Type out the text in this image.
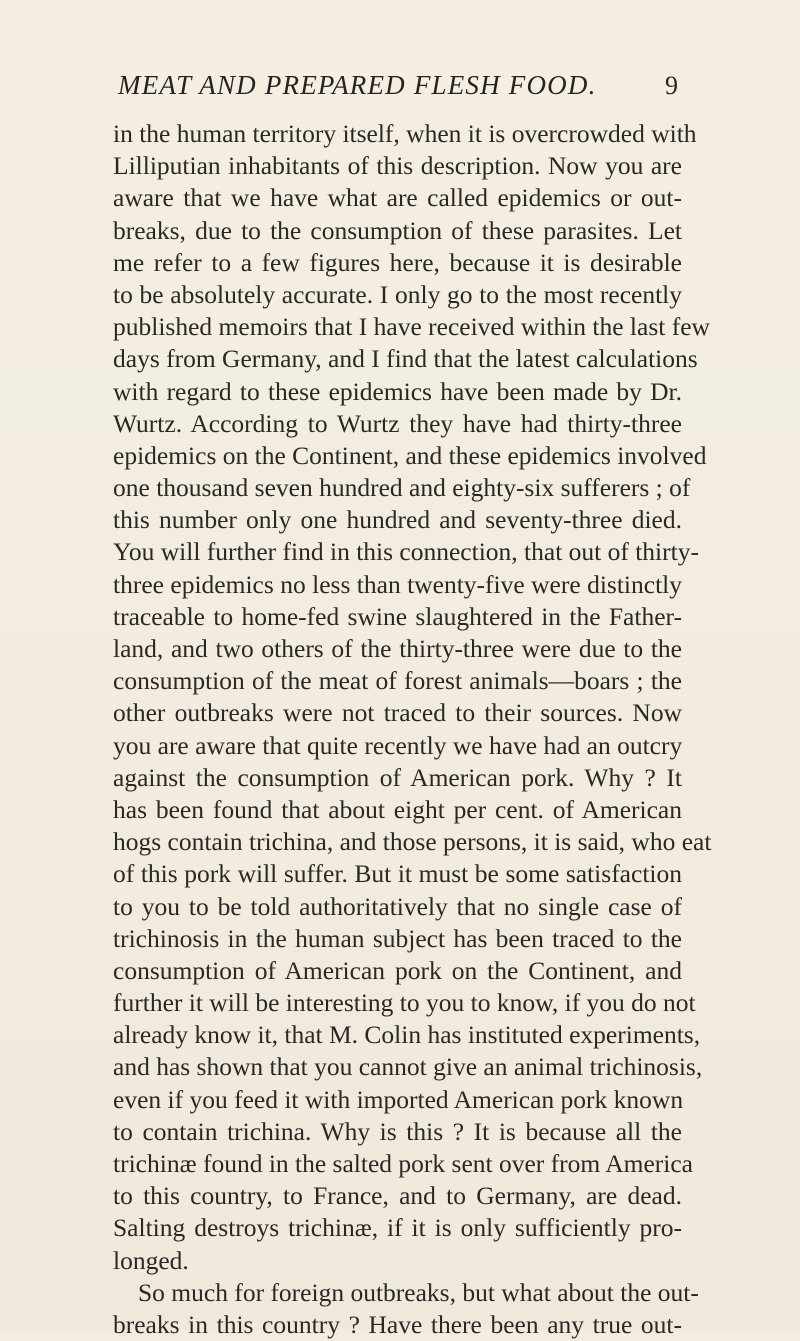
MEAT AND PREPARED FLESH FOOD.	9
in the human territory itself, when it is overcrowded with
Lilliputian inhabitants of this description. Now you are
aware that we have what are called epidemics or out-
breaks, due to the consumption of these parasites. Let
me refer to a few figures here, because it is desirable
to be absolutely accurate. I only go to the most recently
published memoirs that I have received within the last few
days from Germany, and I find that the latest calculations
with regard to these epidemics have been made by Dr.
Wurtz. According to Wurtz they have had thirty-three
epidemics on the Continent, and these epidemics involved
one thousand seven hundred and eighty-six sufferers ; of
this number only one hundred and seventy-three died.
You will further find in this connection, that out of thirty-
three epidemics no less than twenty-five were distinctly
traceable to home-fed swine slaughtered in the Father-
land, and two others of the thirty-three were due to the
consumption of the meat of forest animals—boars ; the
other outbreaks were not traced to their sources. Now
you are aware that quite recently we have had an outcry
against the consumption of American pork. Why ? It
has been found that about eight per cent. of American
hogs contain trichina, and those persons, it is said, who eat
of this pork will suffer. But it must be some satisfaction
to you to be told authoritatively that no single case of
trichinosis in the human subject has been traced to the
consumption of American pork on the Continent, and
further it will be interesting to you to know, if you do not
already know it, that M. Colin has instituted experiments,
and has shown that you cannot give an animal trichinosis,
even if you feed it with imported American pork known
to contain trichina. Why is this ? It is because all the
trichinæ found in the salted pork sent over from America
to this country, to France, and to Germany, are dead.
Salting destroys trichinæ, if it is only sufficiently pro-
longed.
So much for foreign outbreaks, but what about the out-
breaks in this country ? Have there been any true out-
